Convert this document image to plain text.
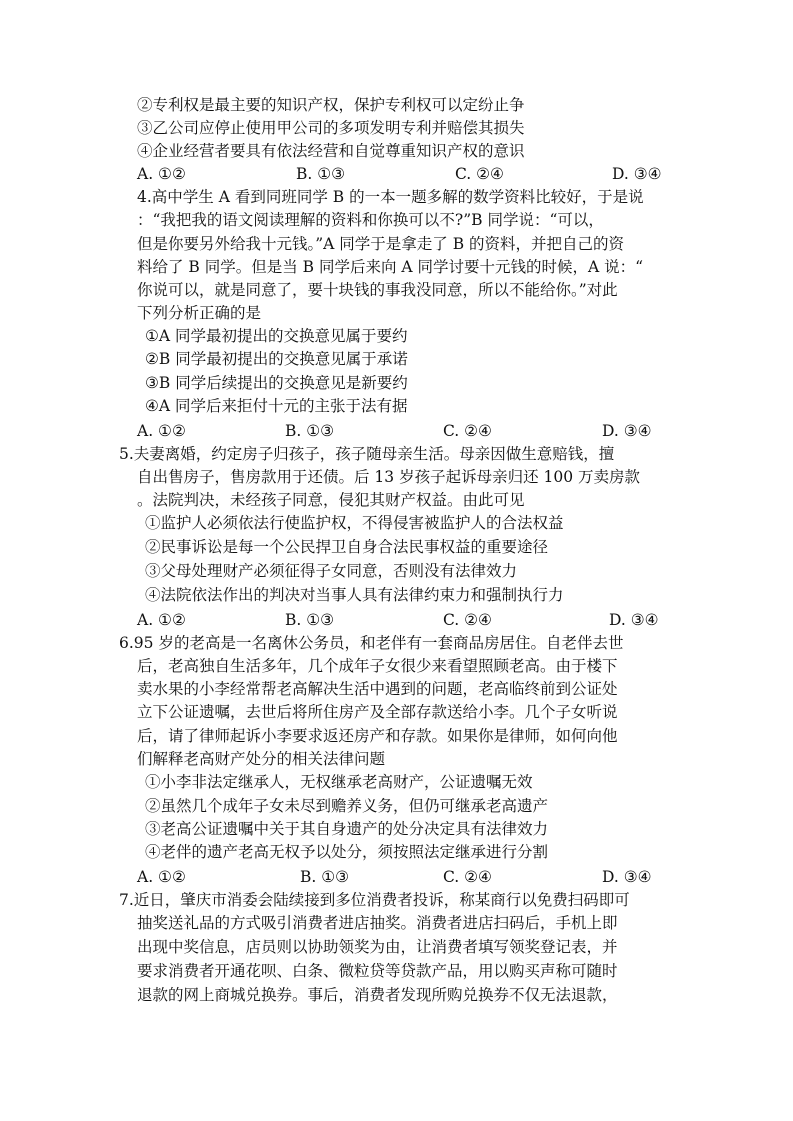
②专利权是最主要的知识产权，保护专利权可以定纷止争
③乙公司应停止使用甲公司的多项发明专利并赔偿其损失
④企业经营者要具有依法经营和自觉尊重知识产权的意识
A. ①②	B. ①③	C. ②④	D. ③④
4.高中学生 A 看到同班同学 B 的一本一题多解的数学资料比较好，于是说
：“我把我的语文阅读理解的资料和你换可以不?”B 同学说：“可以，
但是你要另外给我十元钱。”A 同学于是拿走了 B 的资料，并把自己的资
料给了 B 同学。但是当 B 同学后来向 A 同学讨要十元钱的时候，A 说：“
你说可以，就是同意了，要十块钱的事我没同意，所以不能给你。”对此
下列分析正确的是
①A 同学最初提出的交换意见属于要约
②B 同学最初提出的交换意见属于承诺
③B 同学后续提出的交换意见是新要约
④A 同学后来拒付十元的主张于法有据
A. ①②	B. ①③	C. ②④	D. ③④
5.夫妻离婚，约定房子归孩子，孩子随母亲生活。母亲因做生意赔钱，擅
自出售房子，售房款用于还债。后 13 岁孩子起诉母亲归还 100 万卖房款
。法院判决，未经孩子同意，侵犯其财产权益。由此可见
①监护人必须依法行使监护权，不得侵害被监护人的合法权益
②民事诉讼是每一个公民捍卫自身合法民事权益的重要途径
③父母处理财产必须征得子女同意，否则没有法律效力
④法院依法作出的判决对当事人具有法律约束力和强制执行力
A. ①②	B. ①③	C. ②④	D. ③④
6.95 岁的老高是一名离休公务员，和老伴有一套商品房居住。自老伴去世
后，老高独自生活多年，几个成年子女很少来看望照顾老高。由于楼下
卖水果的小李经常帮老高解决生活中遇到的问题，老高临终前到公证处
立下公证遗嘱，去世后将所住房产及全部存款送给小李。几个子女听说
后，请了律师起诉小李要求返还房产和存款。如果你是律师，如何向他
们解释老高财产处分的相关法律问题
①小李非法定继承人，无权继承老高财产，公证遗嘱无效
②虽然几个成年子女未尽到赡养义务，但仍可继承老高遗产
③老高公证遗嘱中关于其自身遗产的处分决定具有法律效力
④老伴的遗产老高无权予以处分，须按照法定继承进行分割
A. ①②	B. ①③	C. ②④	D. ③④
7.近日，肇庆市消委会陆续接到多位消费者投诉，称某商行以免费扫码即可
抽奖送礼品的方式吸引消费者进店抽奖。消费者进店扫码后，手机上即
出现中奖信息，店员则以协助领奖为由，让消费者填写领奖登记表，并
要求消费者开通花呗、白条、微粒贷等贷款产品，用以购买声称可随时
退款的网上商城兑换券。事后，消费者发现所购兑换券不仅无法退款，
